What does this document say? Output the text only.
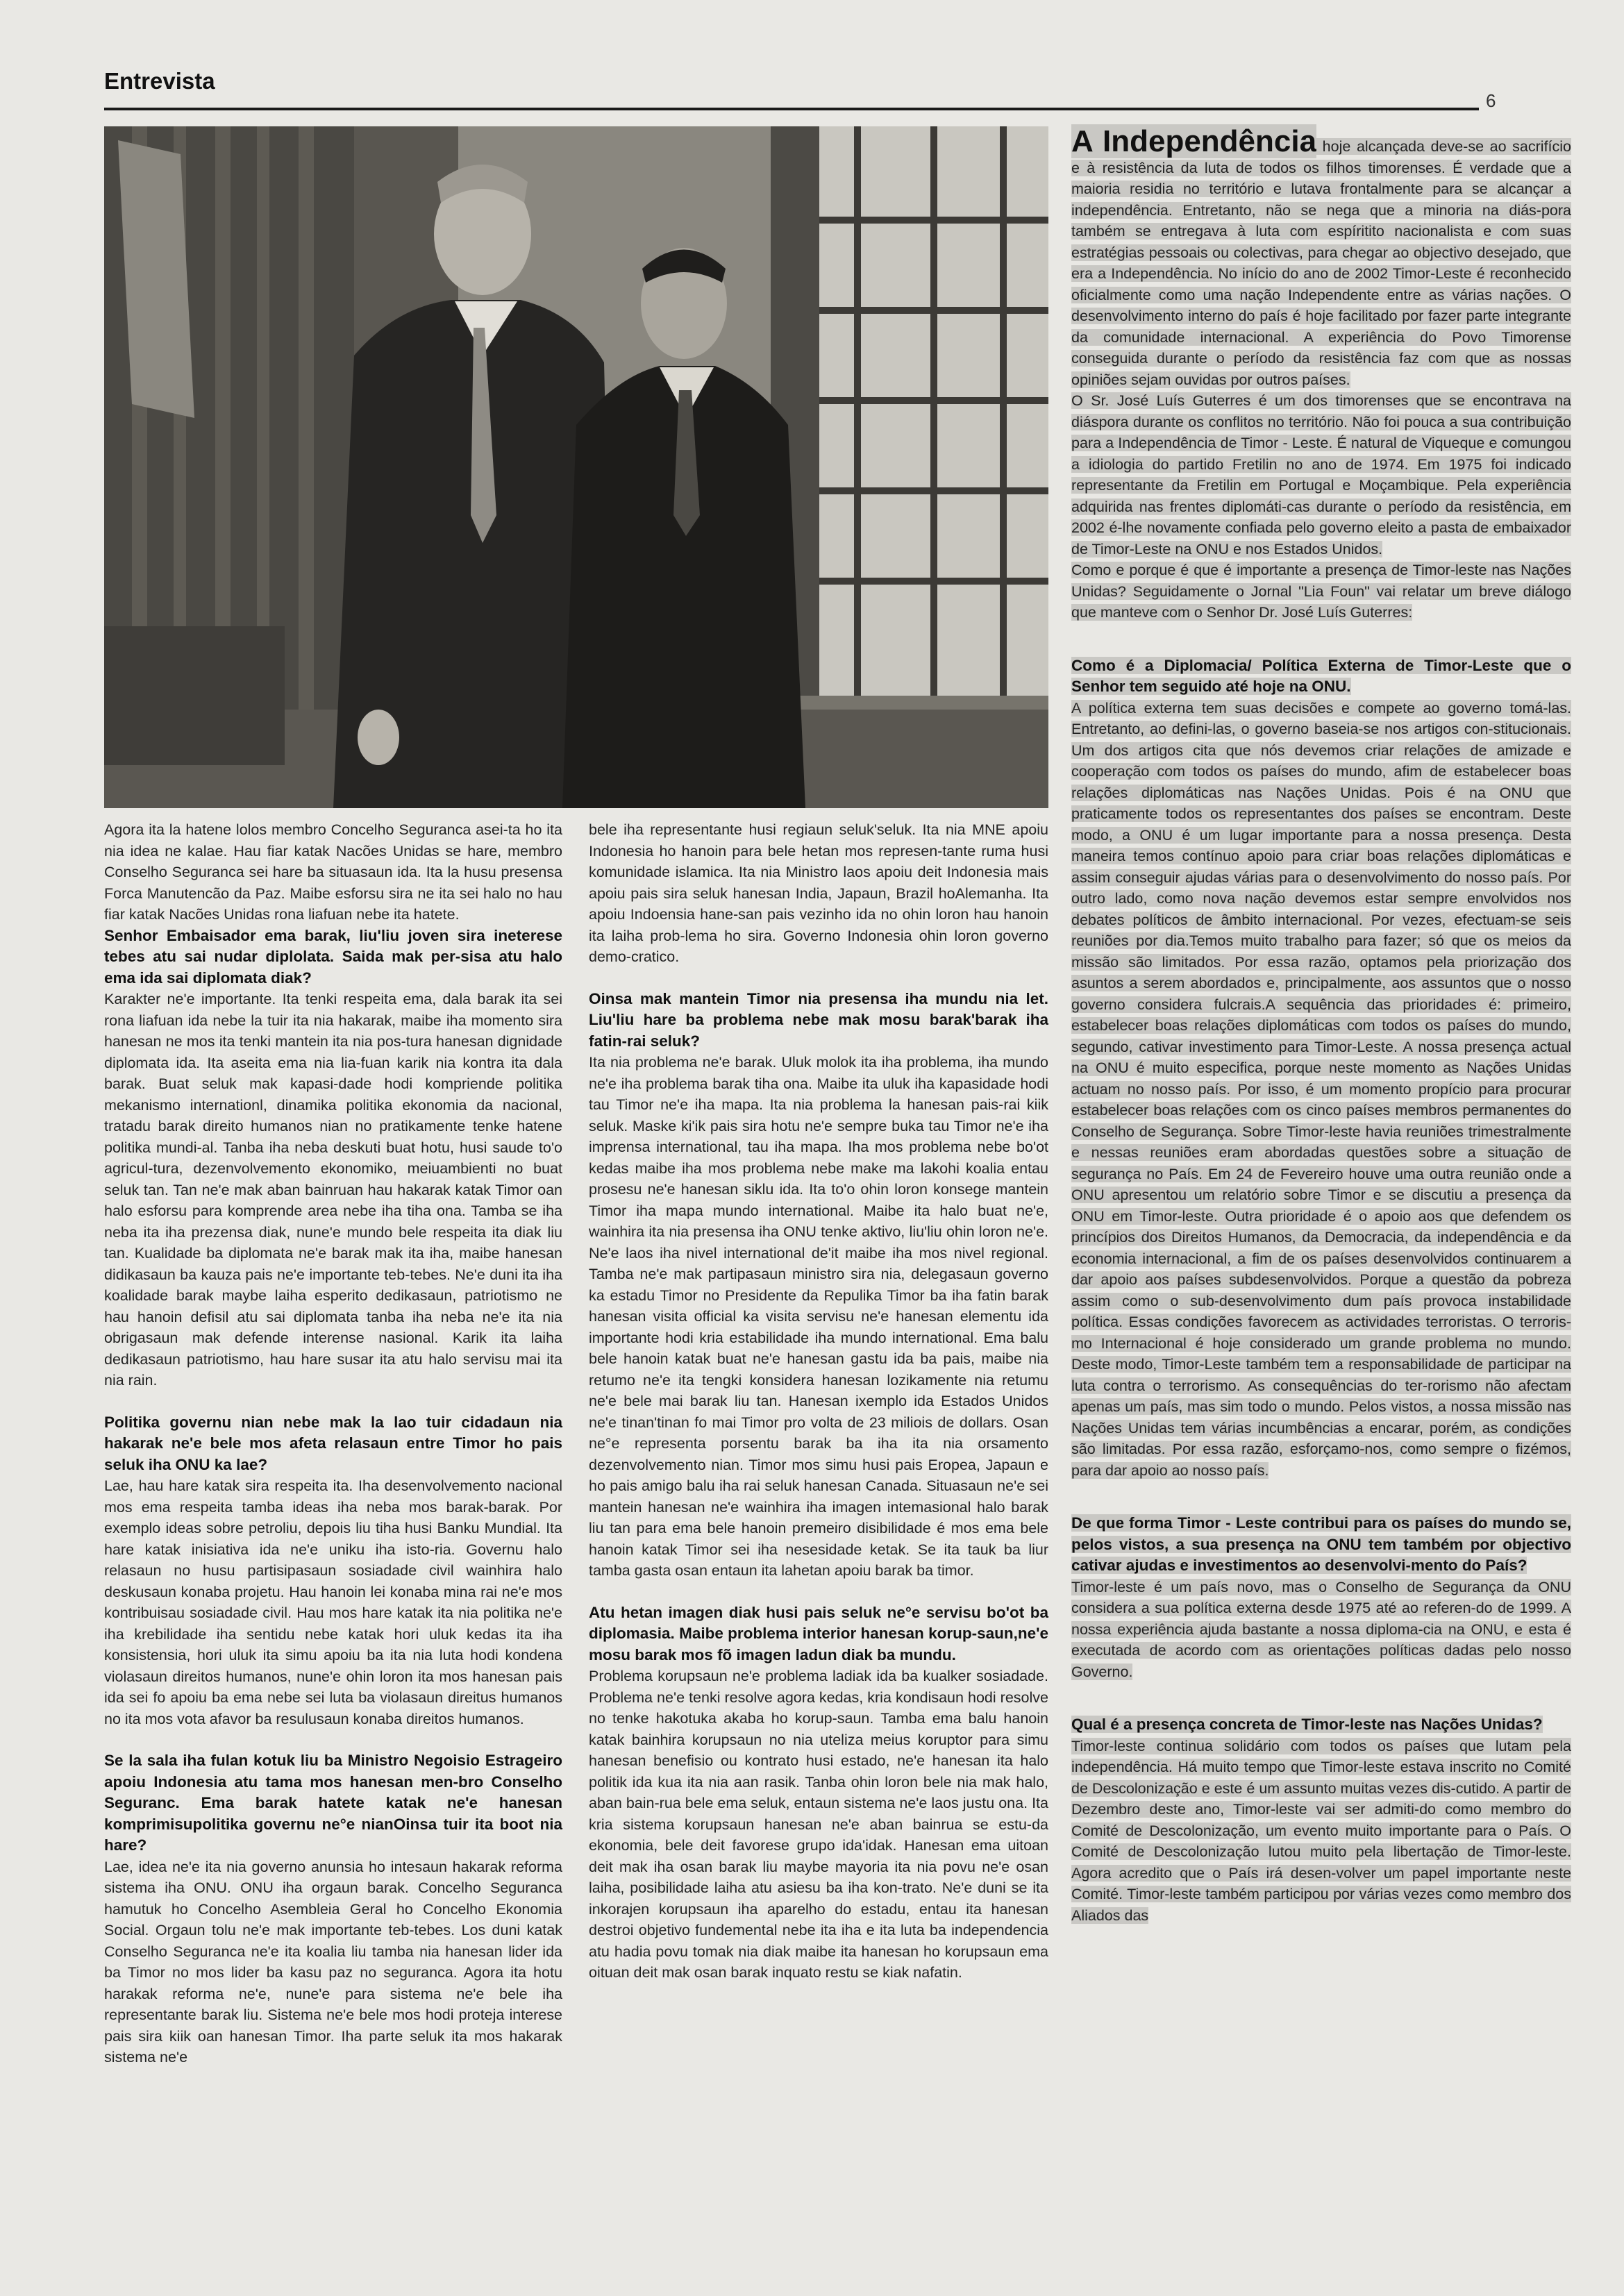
Entrevista
6

Agora ita la hatene lolos membro Concelho Seguranca asei-ta ho ita nia idea ne kalae. Hau fiar katak Nacões Unidas se hare, membro Conselho Seguranca sei hare ba situasaun ida. Ita la husu presensa Forca Manutencão da Paz. Maibe esforsu sira ne ita sei halo no hau fiar katak Nacões Unidas rona liafuan nebe ita hatete.

Senhor Embaisador ema barak, liu'liu joven sira ineterese tebes atu sai nudar diplolata. Saida mak per-sisa atu halo ema ida sai diplomata diak?

Karakter ne'e importante. Ita tenki respeita ema, dala barak ita sei rona liafuan ida nebe la tuir ita nia hakarak, maibe iha momento sira hanesan ne mos ita tenki mantein ita nia pos-tura hanesan dignidade diplomata ida. Ita aseita ema nia lia-fuan karik nia kontra ita dala barak. Buat seluk mak kapasi-dade hodi kompriende politika mekanismo internationl, dinamika politika ekonomia da nacional, tratadu barak direito humanos nian no pratikamente tenke hatene politika mundi-al. Tanba iha neba deskuti buat hotu, husi saude to'o agricul-tura, dezenvolvemento ekonomiko, meiuambienti no buat seluk tan. Tan ne'e mak aban bainruan hau hakarak katak Timor oan halo esforsu para komprende area nebe iha tiha ona. Tamba se iha neba ita iha prezensa diak, nune'e mundo bele respeita ita diak liu tan. Kualidade ba diplomata ne'e barak mak ita iha, maibe hanesan didikasaun ba kauza pais ne'e importante teb-tebes. Ne'e duni ita iha koalidade barak maybe laiha esperito dedikasaun, patriotismo ne hau hanoin defisil atu sai diplomata tanba iha neba ne'e ita nia obrigasaun mak defende interense nasional. Karik ita laiha dedikasaun patriotismo, hau hare susar ita atu halo servisu mai ita nia rain.

Politika governu nian nebe mak la lao tuir cidadaun nia hakarak ne'e bele mos afeta relasaun entre Timor ho pais seluk iha ONU ka lae?

Lae, hau hare katak sira respeita ita. Iha desenvolvemento nacional mos ema respeita tamba ideas iha neba mos barak-barak. Por exemplo ideas sobre petroliu, depois liu tiha husi Banku Mundial. Ita hare katak inisiativa ida ne'e uniku iha isto-ria. Governu halo relasaun no husu partisipasaun sosiadade civil wainhira halo deskusaun konaba projetu. Hau hanoin lei konaba mina rai ne'e mos kontribuisau sosiadade civil. Hau mos hare katak ita nia politika ne'e iha krebilidade iha sentidu nebe katak hori uluk kedas ita iha konsistensia, hori uluk ita simu apoiu ba ita nia luta hodi kondena violasaun direitos humanos, nune'e ohin loron ita mos hanesan pais ida sei fo apoiu ba ema nebe sei luta ba violasaun direitus humanos no ita mos vota afavor ba resulusaun konaba direitos humanos.

Se la sala iha fulan kotuk liu ba Ministro Negoisio Estrageiro apoiu Indonesia atu tama mos hanesan men-bro Conselho Seguranc. Ema barak hatete katak ne'e hanesan komprimisupolitika governu ne°e nianOinsa tuir ita boot nia hare?

Lae, idea ne'e ita nia governo anunsia ho intesaun hakarak reforma sistema iha ONU. ONU iha orgaun barak. Concelho Seguranca hamutuk ho Concelho Asembleia Geral ho Concelho Ekonomia Social. Orgaun tolu ne'e mak importante teb-tebes. Los duni katak Conselho Seguranca ne'e ita koalia liu tamba nia hanesan lider ida ba Timor no mos lider ba kasu paz no seguranca. Agora ita hotu harakak reforma ne'e, nune'e para sistema ne'e bele iha representante barak liu. Sistema ne'e bele mos hodi proteja interese pais sira kiik oan hanesan Timor. Iha parte seluk ita mos hakarak sistema ne'e

bele iha representante husi regiaun seluk'seluk. Ita nia MNE apoiu Indonesia ho hanoin para bele hetan mos represen-tante ruma husi komunidade islamica. Ita nia Ministro laos apoiu deit Indonesia mais apoiu pais sira seluk hanesan India, Japaun, Brazil hoAlemanha. Ita apoiu Indoensia hane-san pais vezinho ida no ohin loron hau hanoin ita laiha prob-lema ho sira. Governo Indonesia ohin loron governo demo-cratico.

Oinsa mak mantein Timor nia presensa iha mundu nia let. Liu'liu hare ba problema nebe mak mosu barak'barak iha fatin-rai seluk?

Ita nia problema ne'e barak. Uluk molok ita iha problema, iha mundo ne'e iha problema barak tiha ona. Maibe ita uluk iha kapasidade hodi tau Timor ne'e iha mapa. Ita nia problema la hanesan pais-rai kiik seluk. Maske ki'ik pais sira hotu ne'e sempre buka tau Timor ne'e iha imprensa international, tau iha mapa. Iha mos problema nebe bo'ot kedas maibe iha mos problema nebe make ma lakohi koalia entau prosesu ne'e hanesan siklu ida. Ita to'o ohin loron konsege mantein Timor iha mapa mundo international. Maibe ita halo buat ne'e, wainhira ita nia presensa iha ONU tenke aktivo, liu'liu ohin loron ne'e. Ne'e laos iha nivel international de'it maibe iha mos nivel regional. Tamba ne'e mak partipasaun ministro sira nia, delegasaun governo ka estadu Timor no Presidente da Repulika Timor ba iha fatin barak hanesan visita official ka visita servisu ne'e hanesan elementu ida importante hodi kria estabilidade iha mundo international. Ema balu bele hanoin katak buat ne'e hanesan gastu ida ba pais, maibe nia retumo ne'e ita tengki konsidera hanesan lozikamente nia retumu ne'e bele mai barak liu tan. Hanesan ixemplo ida Estados Unidos ne'e tinan'tinan fo mai Timor pro volta de 23 miliois de dollars. Osan ne°e representa porsentu barak ba iha ita nia orsamento dezenvolvemento nian. Timor mos simu husi pais Eropea, Japaun e ho pais amigo balu iha rai seluk hanesan Canada. Situasaun ne'e sei mantein hanesan ne'e wainhira iha imagen intemasional halo barak liu tan para ema bele hanoin premeiro disibilidade é mos ema bele hanoin katak Timor sei iha nesesidade ketak. Se ita tauk ba liur tamba gasta osan entaun ita lahetan apoiu barak ba timor.

Atu hetan imagen diak husi pais seluk ne°e servisu bo'ot ba diplomasia. Maibe problema interior hanesan korup-saun,ne'e mosu barak mos fõ imagen ladun diak ba mundu.

Problema korupsaun ne'e problema ladiak ida ba kualker sosiadade. Problema ne'e tenki resolve agora kedas, kria kondisaun hodi resolve no tenke hakotuka akaba ho korup-saun. Tamba ema balu hanoin katak bainhira korupsaun no nia uteliza meius koruptor para simu hanesan benefisio ou kontrato husi estado, ne'e hanesan ita halo politik ida kua ita nia aan rasik. Tanba ohin loron bele nia mak halo, aban bain-rua bele ema seluk, entaun sistema ne'e laos justu ona. Ita kria sistema korupsaun hanesan ne'e aban bainrua se estu-da ekonomia, bele deit favorese grupo ida'idak. Hanesan ema uitoan deit mak iha osan barak liu maybe mayoria ita nia povu ne'e osan laiha, posibilidade laiha atu asiesu ba iha kon-trato. Ne'e duni se ita inkorajen korupsaun iha aparelho do estadu, entau ita hanesan destroi objetivo fundemental nebe ita iha e ita luta ba independencia atu hadia povu tomak nia diak maibe ita hanesan ho korupsaun ema oituan deit mak osan barak inquato restu se kiak nafatin.

A Independência hoje alcançada deve-se ao sacrifício e à resistência da luta de todos os filhos timorenses. É verdade que a maioria residia no território e lutava frontalmente para se alcançar a independência. Entretanto, não se nega que a minoria na diás-pora também se entregava à luta com espíritito nacionalista e com suas estratégias pessoais ou colectivas, para chegar ao objectivo desejado, que era a Independência. No início do ano de 2002 Timor-Leste é reconhecido oficialmente como uma nação Independente entre as várias nações. O desenvolvimento interno do país é hoje facilitado por fazer parte integrante da comunidade internacional. A experiência do Povo Timorense conseguida durante o período da resistência faz com que as nossas opiniões sejam ouvidas por outros países.

O Sr. José Luís Guterres é um dos timorenses que se encontrava na diáspora durante os conflitos no território. Não foi pouca a sua contribuição para a Independência de Timor - Leste. É natural de Viqueque e comungou a idiologia do partido Fretilin no ano de 1974. Em 1975 foi indicado representante da Fretilin em Portugal e Moçambique. Pela experiência adquirida nas frentes diplomáti-cas durante o período da resistência, em 2002 é-lhe novamente confiada pelo governo eleito a pasta de embaixador de Timor-Leste na ONU e nos Estados Unidos.

Como e porque é que é importante a presença de Timor-leste nas Nações Unidas? Seguidamente o Jornal "Lia Foun" vai relatar um breve diálogo que manteve com o Senhor Dr. José Luís Guterres:

Como é a Diplomacia/ Política Externa de Timor-Leste que o Senhor tem seguido até hoje na ONU.

A política externa tem suas decisões e compete ao governo tomá-las. Entretanto, ao defini-las, o governo baseia-se nos artigos con-stitucionais. Um dos artigos cita que nós devemos criar relações de amizade e cooperação com todos os países do mundo, afim de estabelecer boas relações diplomáticas nas Nações Unidas. Pois é na ONU que praticamente todos os representantes dos países se encontram. Deste modo, a ONU é um lugar importante para a nossa presença. Desta maneira temos contínuo apoio para criar boas relações diplomáticas e assim conseguir ajudas várias para o desenvolvimento do nosso país. Por outro lado, como nova nação devemos estar sempre envolvidos nos debates políticos de âmbito internacional. Por vezes, efectuam-se seis reuniões por dia.Temos muito trabalho para fazer; só que os meios da missão são limitados. Por essa razão, optamos pela priorização dos asuntos a serem abordados e, principalmente, aos assuntos que o nosso governo considera fulcrais.A sequência das prioridades é: primeiro, estabelecer boas relações diplomáticas com todos os países do mundo, segundo, cativar investimento para Timor-Leste. A nossa presença actual na ONU é muito especifica, porque neste momento as Nações Unidas actuam no nosso país. Por isso, é um momento propício para procurar estabelecer boas relações com os cinco países membros permanentes do Conselho de Segurança. Sobre Timor-leste havia reuniões trimestralmente e nessas reuniões eram abordadas questões sobre a situação de segurança no País. Em 24 de Fevereiro houve uma outra reunião onde a ONU apresentou um relatório sobre Timor e se discutiu a presença da ONU em Timor-leste. Outra prioridade é o apoio aos que defendem os princípios dos Direitos Humanos, da Democracia, da independência e da economia internacional, a fim de os países desenvolvidos continuarem a dar apoio aos países subdesenvolvidos. Porque a questão da pobreza assim como o sub-desenvolvimento dum país provoca instabilidade política. Essas condições favorecem as actividades terroristas. O terroris-mo Internacional é hoje considerado um grande problema no mundo. Deste modo, Timor-Leste também tem a responsabilidade de participar na luta contra o terrorismo. As consequências do ter-rorismo não afectam apenas um país, mas sim todo o mundo. Pelos vistos, a nossa missão nas Nações Unidas tem várias incumbências a encarar, porém, as condições são limitadas. Por essa razão, esforçamo-nos, como sempre o fizémos, para dar apoio ao nosso país.

De que forma Timor - Leste contribui para os países do mundo se, pelos vistos, a sua presença na ONU tem também por objectivo cativar ajudas e investimentos ao desenvolvi-mento do País?

Timor-leste é um país novo, mas o Conselho de Segurança da ONU considera a sua política externa desde 1975 até ao referen-do de 1999. A nossa experiência ajuda bastante a nossa diploma-cia na ONU, e esta é executada de acordo com as orientações políticas dadas pelo nosso Governo.

Qual é a presença concreta de Timor-leste nas Nações Unidas?

Timor-leste continua solidário com todos os países que lutam pela independência. Há muito tempo que Timor-leste estava inscrito no Comité de Descolonização e este é um assunto muitas vezes dis-cutido. A partir de Dezembro deste ano, Timor-leste vai ser admiti-do como membro do Comité de Descolonização, um evento muito importante para o País. O Comité de Descolonização lutou muito pela libertação de Timor-leste. Agora acredito que o País irá desen-volver um papel importante neste Comité. Timor-leste também participou por várias vezes como membro dos Aliados das
